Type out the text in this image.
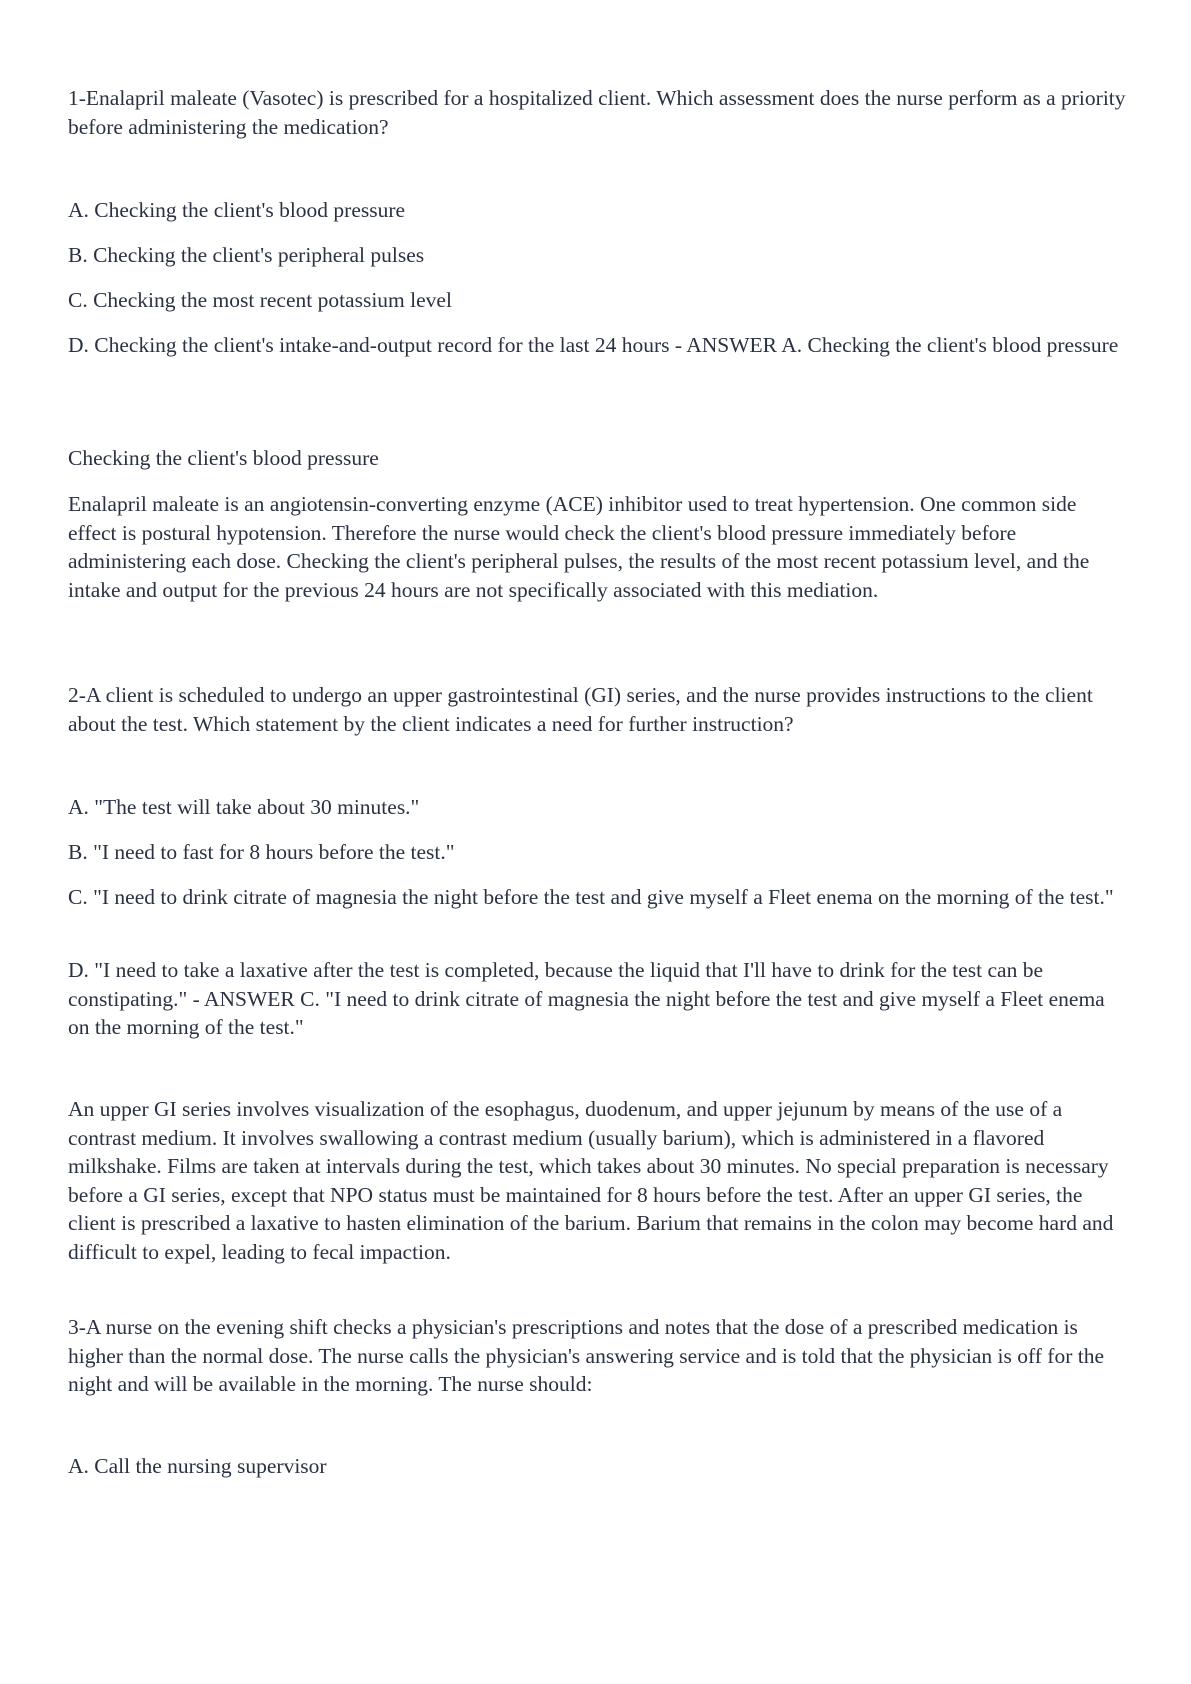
1-Enalapril maleate (Vasotec) is prescribed for a hospitalized client. Which assessment does the nurse perform as a priority before administering the medication?

A. Checking the client's blood pressure

B. Checking the client's peripheral pulses

C. Checking the most recent potassium level

D. Checking the client's intake-and-output record for the last 24 hours - ANSWER A. Checking the client's blood pressure

Checking the client's blood pressure

Enalapril maleate is an angiotensin-converting enzyme (ACE) inhibitor used to treat hypertension. One common side effect is postural hypotension. Therefore the nurse would check the client's blood pressure immediately before administering each dose. Checking the client's peripheral pulses, the results of the most recent potassium level, and the intake and output for the previous 24 hours are not specifically associated with this mediation.

2-A client is scheduled to undergo an upper gastrointestinal (GI) series, and the nurse provides instructions to the client about the test. Which statement by the client indicates a need for further instruction?

A. "The test will take about 30 minutes."

B. "I need to fast for 8 hours before the test."

C. "I need to drink citrate of magnesia the night before the test and give myself a Fleet enema on the morning of the test."

D. "I need to take a laxative after the test is completed, because the liquid that I'll have to drink for the test can be constipating." - ANSWER C. "I need to drink citrate of magnesia the night before the test and give myself a Fleet enema on the morning of the test."

An upper GI series involves visualization of the esophagus, duodenum, and upper jejunum by means of the use of a contrast medium. It involves swallowing a contrast medium (usually barium), which is administered in a flavored milkshake. Films are taken at intervals during the test, which takes about 30 minutes. No special preparation is necessary before a GI series, except that NPO status must be maintained for 8 hours before the test. After an upper GI series, the client is prescribed a laxative to hasten elimination of the barium. Barium that remains in the colon may become hard and difficult to expel, leading to fecal impaction.

3-A nurse on the evening shift checks a physician's prescriptions and notes that the dose of a prescribed medication is higher than the normal dose. The nurse calls the physician's answering service and is told that the physician is off for the night and will be available in the morning. The nurse should:

A. Call the nursing supervisor
